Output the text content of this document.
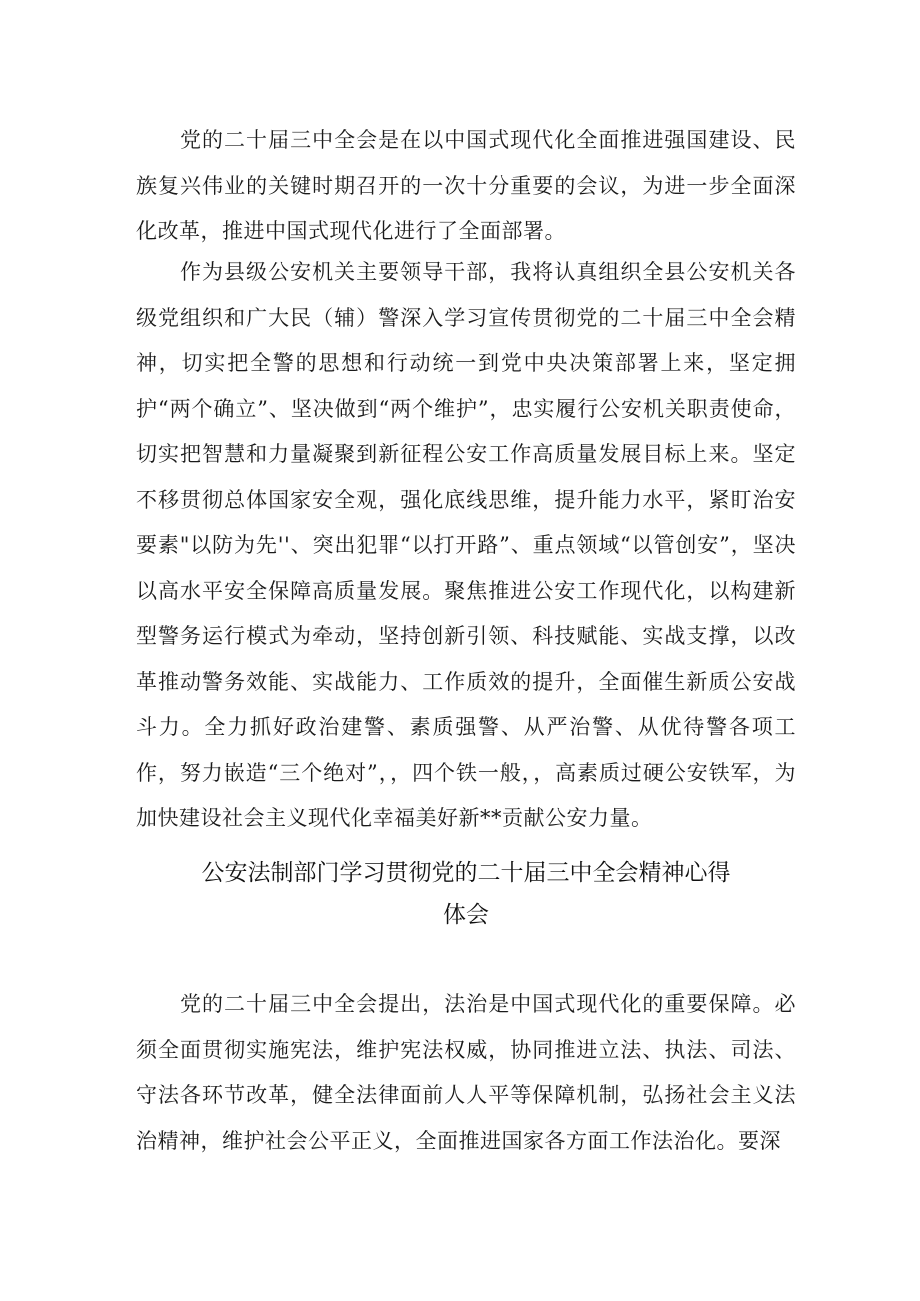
党的二十届三中全会是在以中国式现代化全面推进强国建设、民族复兴伟业的关键时期召开的一次十分重要的会议，为进一步全面深化改革，推进中国式现代化进行了全面部署。

作为县级公安机关主要领导干部，我将认真组织全县公安机关各级党组织和广大民（辅）警深入学习宣传贯彻党的二十届三中全会精神，切实把全警的思想和行动统一到党中央决策部署上来，坚定拥护“两个确立”、坚决做到“两个维护”，忠实履行公安机关职责使命，切实把智慧和力量凝聚到新征程公安工作高质量发展目标上来。坚定不移贯彻总体国家安全观，强化底线思维，提升能力水平，紧盯治安要素"以防为先''、突出犯罪“以打开路”、重点领域“以管创安”，坚决以高水平安全保障高质量发展。聚焦推进公安工作现代化，以构建新型警务运行模式为牵动，坚持创新引领、科技赋能、实战支撑，以改革推动警务效能、实战能力、工作质效的提升，全面催生新质公安战斗力。全力抓好政治建警、素质强警、从严治警、从优待警各项工作，努力嵌造“三个绝对”，，四个铁一般，，高素质过硬公安铁军，为加快建设社会主义现代化幸福美好新**贡献公安力量。

公安法制部门学习贯彻党的二十届三中全会精神心得
体会

党的二十届三中全会提出，法治是中国式现代化的重要保障。必须全面贯彻实施宪法，维护宪法权威，协同推进立法、执法、司法、守法各环节改革，健全法律面前人人平等保障机制，弘扬社会主义法治精神，维护社会公平正义，全面推进国家各方面工作法治化。要深
